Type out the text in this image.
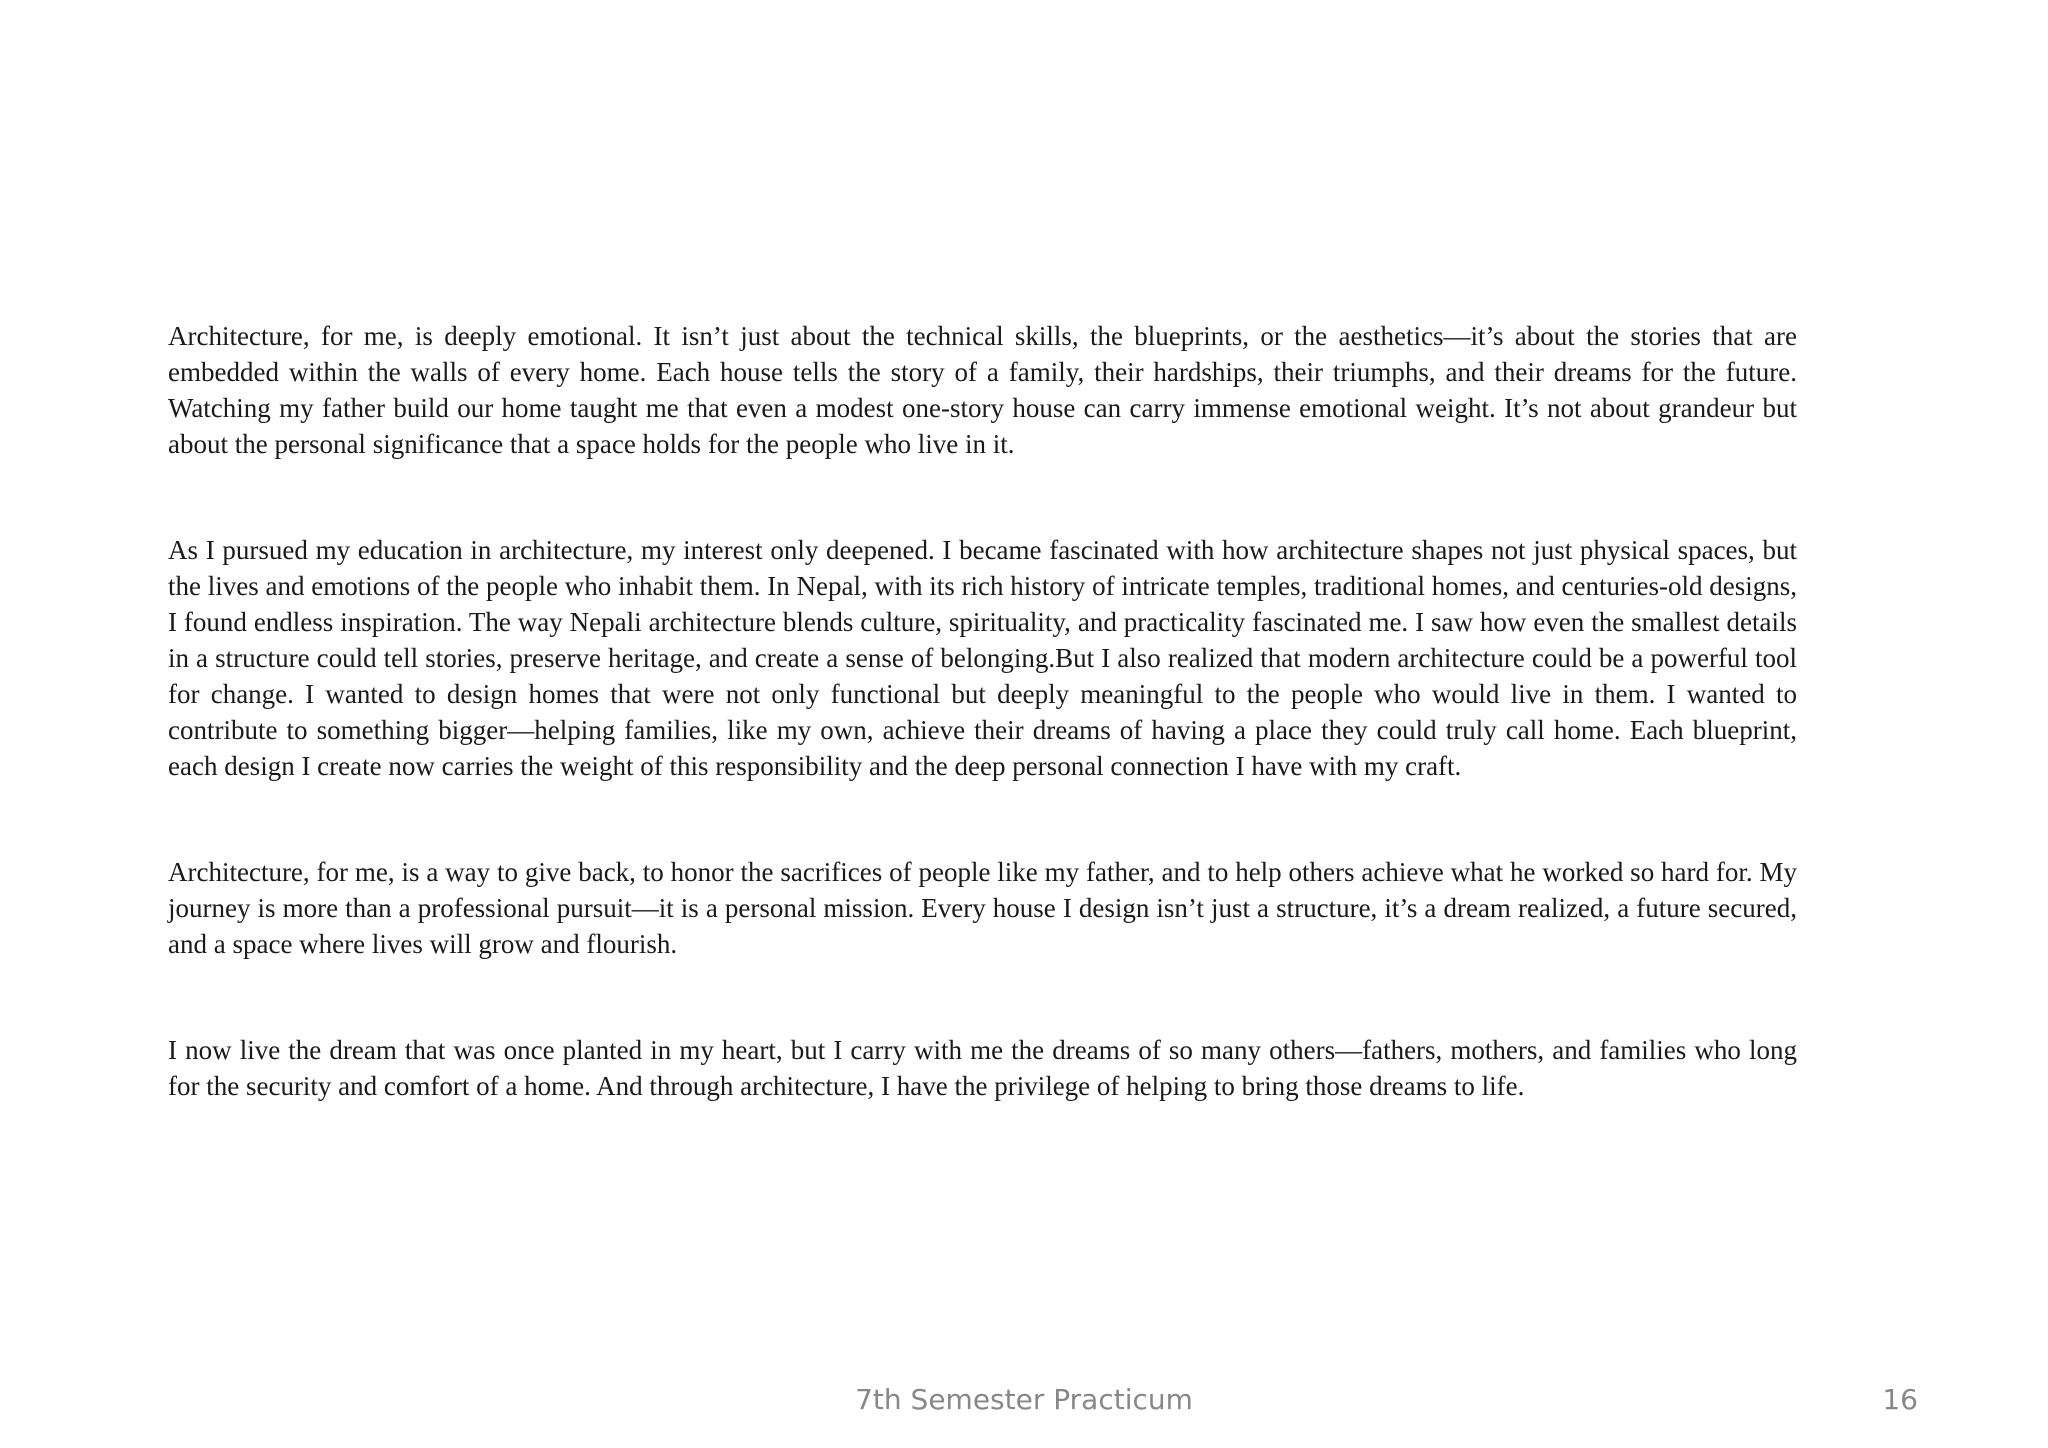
Architecture, for me, is deeply emotional. It isn’t just about the technical skills, the blueprints, or the aesthetics—it’s about the stories that are embedded within the walls of every home. Each house tells the story of a family, their hardships, their triumphs, and their dreams for the future. Watching my father build our home taught me that even a modest one-story house can carry immense emotional weight. It’s not about grandeur but about the personal significance that a space holds for the people who live in it.

As I pursued my education in architecture, my interest only deepened. I became fascinated with how architecture shapes not just physical spaces, but the lives and emotions of the people who inhabit them. In Nepal, with its rich history of intricate temples, traditional homes, and centuries-old designs, I found endless inspiration. The way Nepali architecture blends culture, spirituality, and practicality fascinated me. I saw how even the smallest details in a structure could tell stories, preserve heritage, and create a sense of belonging.But I also realized that modern architecture could be a powerful tool for change. I wanted to design homes that were not only functional but deeply meaningful to the people who would live in them. I wanted to contribute to something bigger—helping families, like my own, achieve their dreams of having a place they could truly call home. Each blueprint, each design I create now carries the weight of this responsibility and the deep personal connection I have with my craft.

Architecture, for me, is a way to give back, to honor the sacrifices of people like my father, and to help others achieve what he worked so hard for. My journey is more than a professional pursuit—it is a personal mission. Every house I design isn’t just a structure, it’s a dream realized, a future secured, and a space where lives will grow and flourish.

I now live the dream that was once planted in my heart, but I carry with me the dreams of so many others—fathers, mothers, and families who long for the security and comfort of a home. And through architecture, I have the privilege of helping to bring those dreams to life.

7th Semester Practicum	16
